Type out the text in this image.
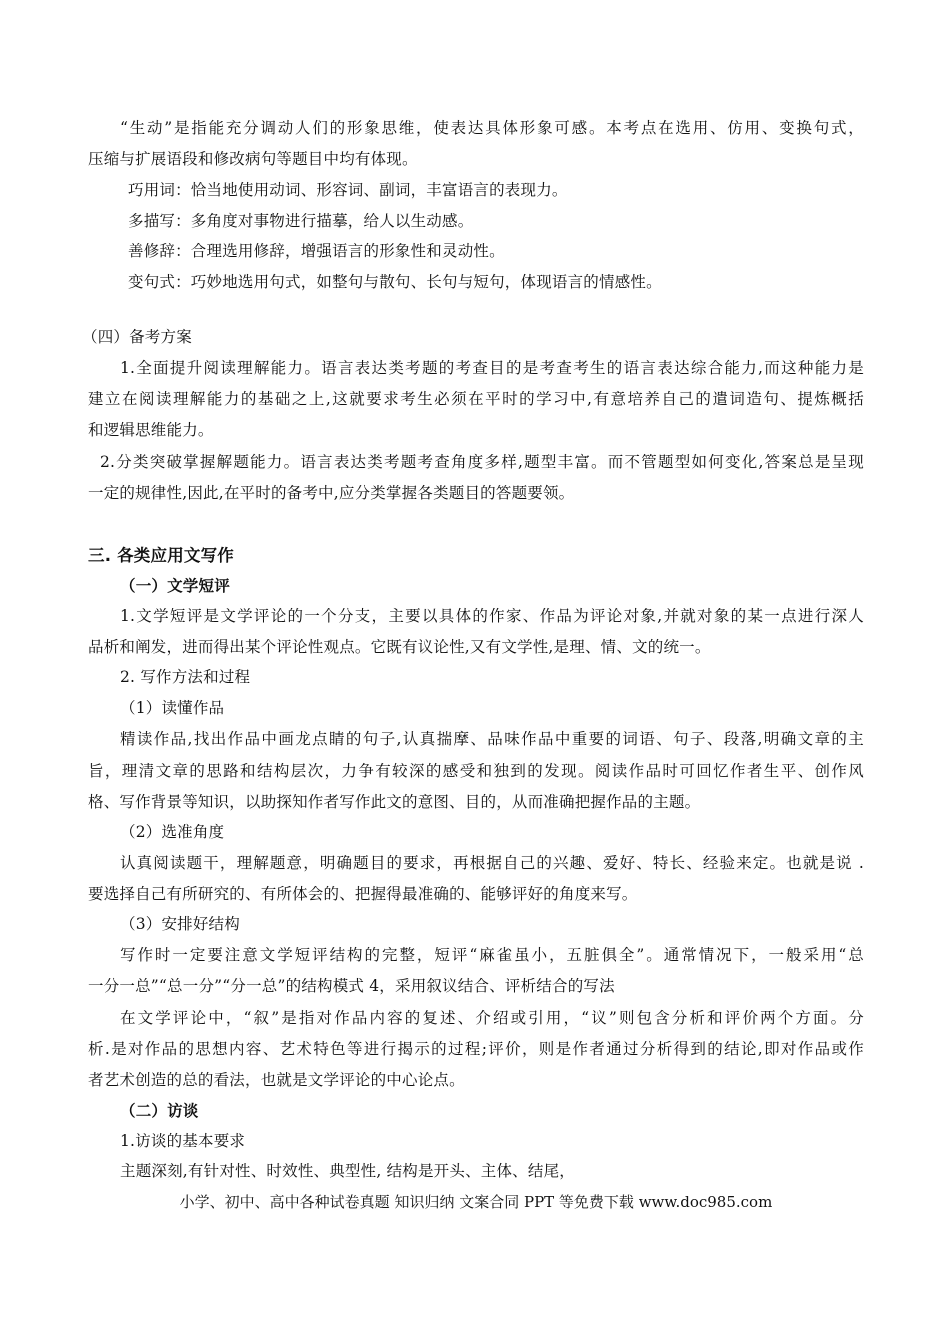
“生动”是指能充分调动人们的形象思维，使表达具体形象可感。本考点在选用、仿用、变换句式，
压缩与扩展语段和修改病句等题目中均有体现。
巧用词：恰当地使用动词、形容词、副词，丰富语言的表现力。
多描写：多角度对事物进行描摹，给人以生动感。
善修辞：合理选用修辞，增强语言的形象性和灵动性。
变句式：巧妙地选用句式，如整句与散句、长句与短句，体现语言的情感性。
（四）备考方案
1.全面提升阅读理解能力。语言表达类考题的考查目的是考查考生的语言表达综合能力,而这种能力是
建立在阅读理解能力的基础之上,这就要求考生必须在平时的学习中,有意培养自己的遣词造句、提炼概括
和逻辑思维能力。
2.分类突破掌握解题能力。语言表达类考题考查角度多样,题型丰富。而不管题型如何变化,答案总是呈现
一定的规律性,因此,在平时的备考中,应分类掌握各类题目的答题要领。
三. 各类应用文写作
（一）文学短评
1.文学短评是文学评论的一个分支，主要以具体的作家、作品为评论对象,并就对象的某一点进行深人
品析和阐发，进而得出某个评论性观点。它既有议论性,又有文学性,是理、情、文的统一。
2. 写作方法和过程
（1）读懂作品
精读作品,找出作品中画龙点睛的句子,认真揣摩、品味作品中重要的词语、句子、段落,明确文章的主
旨，理清文章的思路和结构层次，力争有较深的感受和独到的发现。阅读作品时可回忆作者生平、创作风
格、写作背景等知识，以助探知作者写作此文的意图、目的，从而准确把握作品的主题。
（2）选准角度
认真阅读题干，理解题意，明确题目的要求，再根据自己的兴趣、爱好、特长、经验来定。也就是说 .
要选择自己有所研究的、有所体会的、把握得最准确的、能够评好的角度来写。
（3）安排好结构
写作时一定要注意文学短评结构的完整，短评“麻雀虽小，五脏俱全”。通常情况下，一般采用“总
一分一总”“总一分”“分一总”的结构模式 4，采用叙议结合、评析结合的写法
在文学评论中，“叙”是指对作品内容的复述、介绍或引用，“议”则包含分析和评价两个方面。分
析.是对作品的思想内容、艺术特色等进行揭示的过程;评价，则是作者通过分析得到的结论,即对作品或作
者艺术创造的总的看法，也就是文学评论的中心论点。
（二）访谈
1.访谈的基本要求
主题深刻,有针对性、时效性、典型性, 结构是开头、主体、结尾，
小学、初中、高中各种试卷真题 知识归纳 文案合同 PPT 等免费下载 www.doc985.com
